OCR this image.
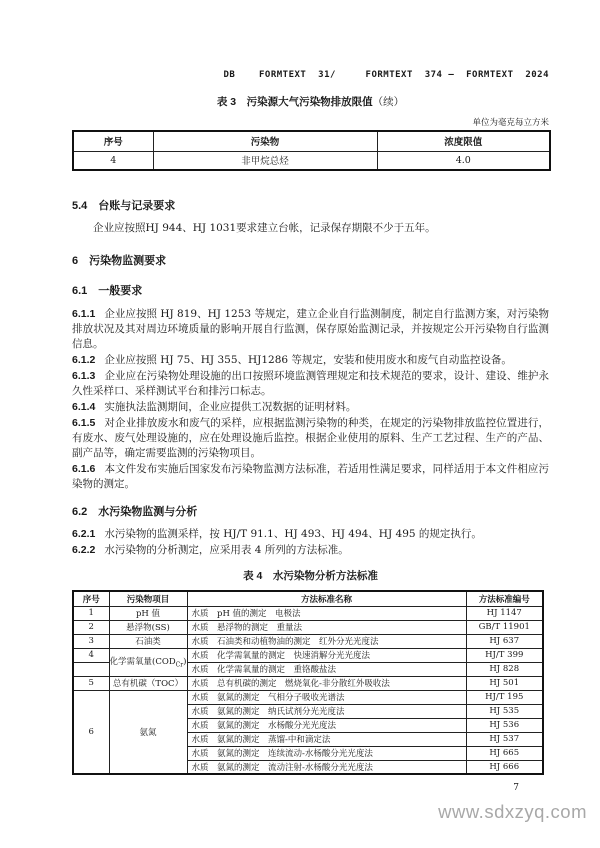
DB    FORMTEXT  31/     FORMTEXT  374 —  FORMTEXT  2024
表 3　污染源大气污染物排放限值（续）
单位为毫克每立方米
序号	污染物	浓度限值
4	非甲烷总烃	4.0
5.4 台账与记录要求

企业应按照HJ 944、HJ 1031要求建立台帐，记录保存期限不少于五年。

6 污染物监测要求
6.1 一般要求

6.1.1 企业应按照 HJ 819、HJ 1253 等规定，建立企业自行监测制度，制定自行监测方案，对污染物排放状况及其对周边环境质量的影响开展自行监测，保存原始监测记录，并按规定公开污染物自行监测信息。

6.1.2 企业应按照 HJ 75、HJ 355、HJ1286 等规定，安装和使用废水和废气自动监控设备。

6.1.3 企业应在污染物处理设施的出口按照环境监测管理规定和技术规范的要求，设计、建设、维护永久性采样口、采样测试平台和排污口标志。

6.1.4 实施执法监测期间，企业应提供工况数据的证明材料。

6.1.5 对企业排放废水和废气的采样，应根据监测污染物的种类，在规定的污染物排放监控位置进行，有废水、废气处理设施的，应在处理设施后监控。根据企业使用的原料、生产工艺过程、生产的产品、副产品等，确定需要监测的污染物项目。

6.1.6 本文件发布实施后国家发布污染物监测方法标准，若适用性满足要求，同样适用于本文件相应污染物的测定。

6.2 水污染物监测与分析

6.2.1 水污染物的监测采样，按 HJ/T 91.1、HJ 493、HJ 494、HJ 495 的规定执行。

6.2.2 水污染物的分析测定，应采用表 4 所列的方法标准。

表 4　水污染物分析方法标准
序号	污染物项目	方法标准名称	方法标准编号
1	pH 值	水质　pH 值的测定　电极法	HJ 1147
2	悬浮物(SS)	水质　悬浮物的测定　重量法	GB/T 11901
3	石油类	水质　石油类和动植物油的测定　红外分光光度法	HJ 637
4	化学需氧量$(COD_{Cr})$	水质　化学需氧量的测定　快速消解分光光度法	HJ/T 399
		水质　化学需氧量的测定　重铬酸盐法	HJ 828
5	总有机碳（TOC）	水质　总有机碳的测定　燃烧氧化-非分散红外吸收法	HJ 501
6	氨氮	水质　氨氮的测定　气相分子吸收光谱法	HJ/T 195
		水质　氨氮的测定　纳氏试剂分光光度法	HJ 535
		水质　氨氮的测定　水杨酸分光光度法	HJ 536
		水质　氨氮的测定　蒸馏-中和滴定法	HJ 537
		水质　氨氮的测定　连续流动-水杨酸分光光度法	HJ 665
		水质　氨氮的测定　流动注射-水杨酸分光光度法	HJ 666
7
www.sdxzyq.com
